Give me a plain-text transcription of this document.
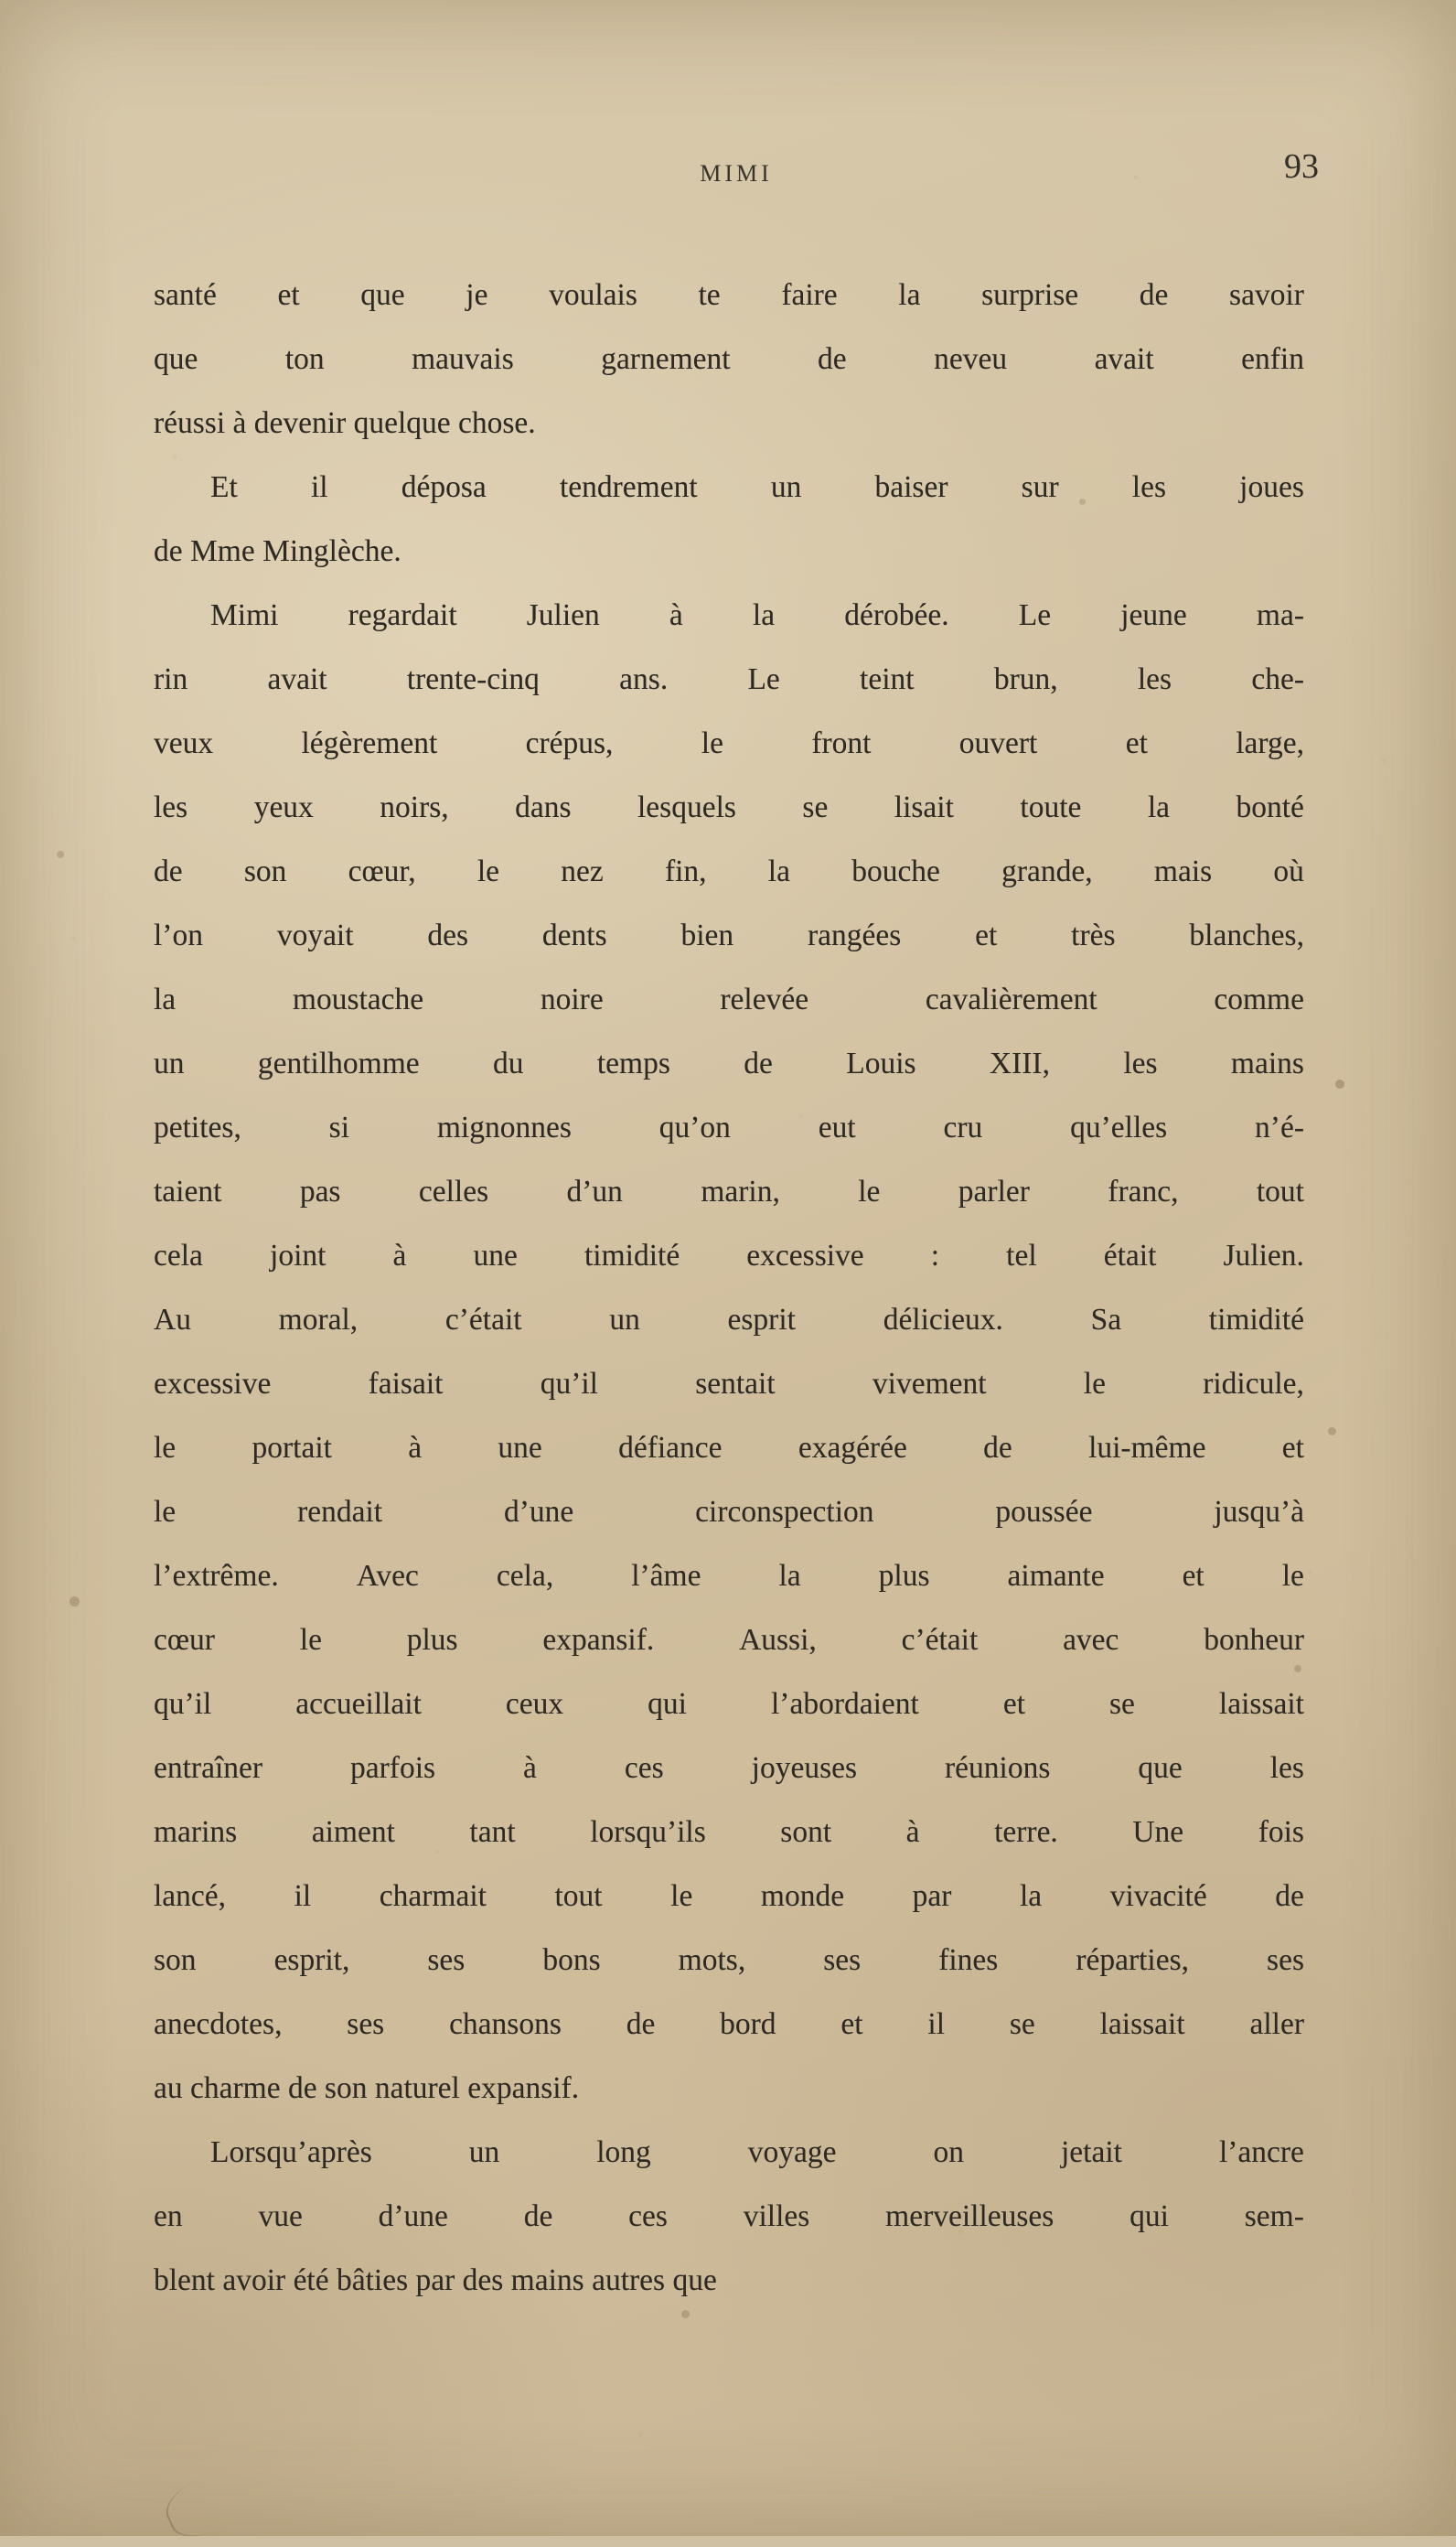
MIMI	93

santé et que je voulais te faire la surprise de savoir
que	ton	mauvais	garnement	de	neveu	avait	enfin
réussi à devenir quelque chose.

Et il déposa tendrement un baiser sur les joues
de Mme Minglèche.

Mimi regardait Julien à la dérobée. Le jeune ma-
rin	avait	trente-cinq	ans.	Le	teint	brun,	les	che-
veux	légèrement	crépus,	le	front	ouvert	et	large,
les yeux noirs, dans lesquels se lisait toute la bonté
de son cœur, le nez fin, la bouche grande, mais où
l’on voyait des dents bien rangées et très blanches,
la	moustache	noire	relevée	cavalièrement	comme
un gentilhomme du temps de Louis XIII, les mains
petites,	si	mignonnes	qu’on	eut	cru	qu’elles	n’é-
taient	pas	celles	d’un	marin,	le	parler	franc,	tout
cela joint à une timidité excessive : tel était Julien.
Au	moral,	c’était	un	esprit	délicieux.	Sa	timidité
excessive	faisait	qu’il	sentait	vivement	le	ridicule,
le portait à une défiance exagérée de lui-même et
le	rendait	d’une	circonspection	poussée	jusqu’à
l’extrême.	Avec	cela,	l’âme	la	plus	aimante	et	le
cœur	le	plus	expansif.	Aussi,	c’était	avec	bonheur
qu’il	accueillait	ceux	qui	l’abordaient	et	se	laissait
entraîner	parfois	à	ces	joyeuses	réunions	que	les
marins aiment tant lorsqu’ils sont à terre. Une fois
lancé, il charmait tout le monde par la vivacité de
son	esprit,	ses	bons	mots,	ses	fines	réparties,	ses
anecdotes, ses chansons de bord et il se laissait aller
au charme de son naturel expansif.

Lorsqu’après	un	long	voyage	on	jetait	l’ancre
en vue d’une de ces villes merveilleuses qui sem-
blent avoir été bâties par des mains autres que
